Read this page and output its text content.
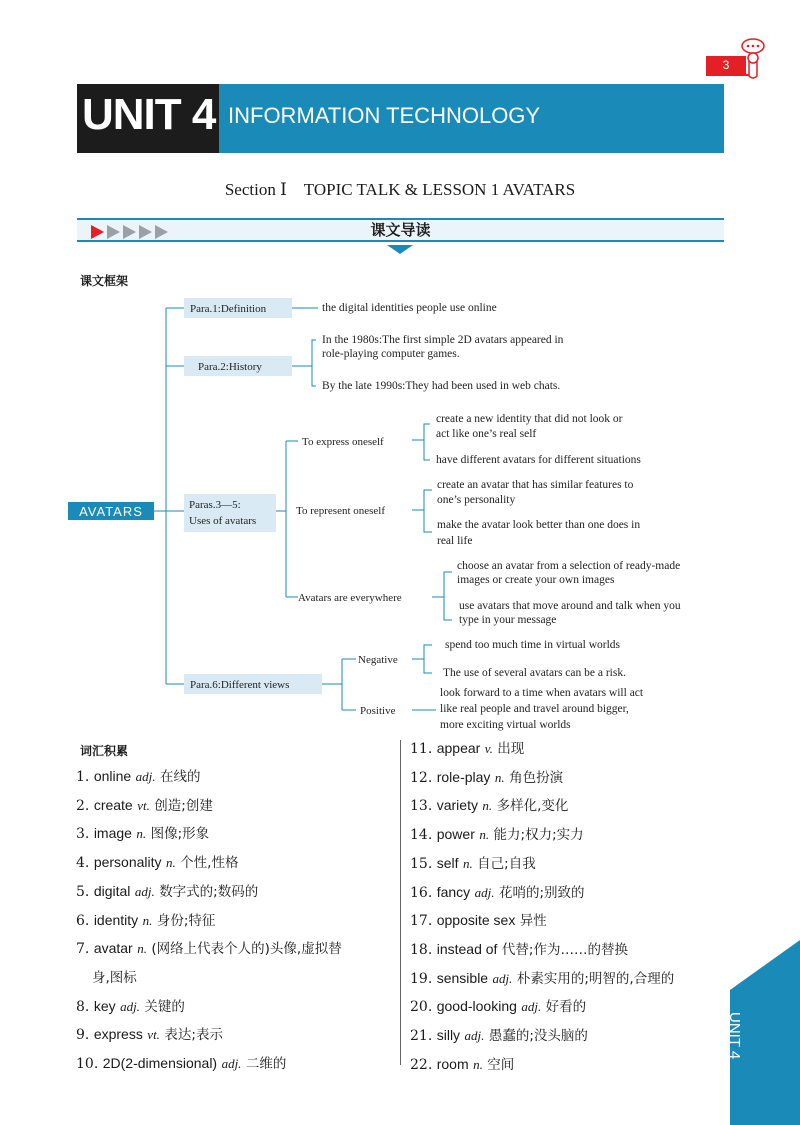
3
UNIT 4 INFORMATION TECHNOLOGY
Section Ⅰ　TOPIC TALK & LESSON 1 AVATARS
课文导读
课文框架
AVATARS
Para.1:Definition
Para.2:History
Paras.3—5:
Uses of avatars
Para.6:Different views
the digital identities people use online
In the 1980s:The first simple 2D avatars appeared in
role-playing computer games.
By the late 1990s:They had been used in web chats.
To express oneself
create a new identity that did not look or
act like one’s real self
have different avatars for different situations
To represent oneself
create an avatar that has similar features to
one’s personality
make the avatar look better than one does in
real life
Avatars are everywhere
choose an avatar from a selection of ready-made
images or create your own images
use avatars that move around and talk when you
type in your message
Negative
spend too much time in virtual worlds
The use of several avatars can be a risk.
Positive
look forward to a time when avatars will act
like real people and travel around bigger,
more exciting virtual worlds
词汇积累
1. online adj. 在线的
2. create vt. 创造;创建
3. image n. 图像;形象
4. personality n. 个性,性格
5. digital adj. 数字式的;数码的
6. identity n. 身份;特征
7. avatar n. (网络上代表个人的)头像,虚拟替
身,图标
8. key adj. 关键的
9. express vt. 表达;表示
10. 2D(2-dimensional) adj. 二维的
11. appear v. 出现
12. role-play n. 角色扮演
13. variety n. 多样化,变化
14. power n. 能力;权力;实力
15. self n. 自己;自我
16. fancy adj. 花哨的;别致的
17. opposite sex 异性
18. instead of 代替;作为……的替换
19. sensible adj. 朴素实用的;明智的,合理的
20. good-looking adj. 好看的
21. silly adj. 愚蠢的;没头脑的
22. room n. 空间
UNIT 4
